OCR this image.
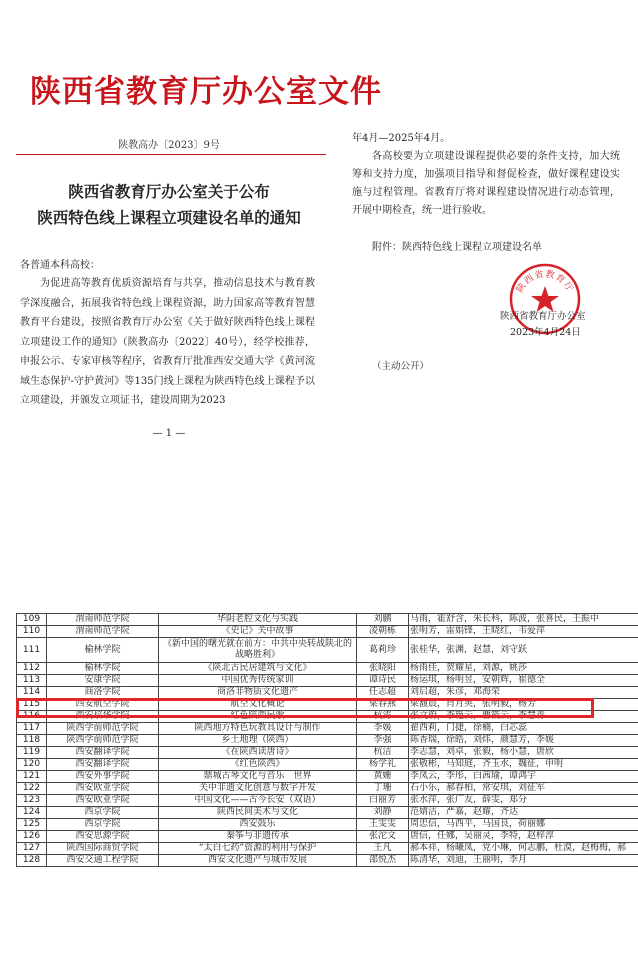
陕西省教育厅办公室文件
陕教高办〔2023〕9号
陕西省教育厅办公室关于公布
陕西特色线上课程立项建设名单的通知
各普通本科高校：
为促进高等教育优质资源培育与共享，推动信息技术与教育教学深度融合，拓展我省特色线上课程资源，助力国家高等教育智慧教育平台建设，按照省教育厅办公室《关于做好陕西特色线上课程立项建设工作的通知》（陕教高办〔2022〕40号），经学校推荐，申报公示、专家审核等程序，省教育厅批准西安交通大学《黄河流域生态保护-守护黄河》等135门线上课程为陕西特色线上课程予以立项建设，并颁发立项证书，建设周期为2023
— 1 —

年4月—2025年4月。

各高校要为立项建设课程提供必要的条件支持，加大统筹和支持力度，加强项目指导和督促检查，做好课程建设实施与过程管理。省教育厅将对课程建设情况进行动态管理，开展中期检查，统一进行验收。

附件：陕西特色线上课程立项建设名单
陕西省教育厅
陕西省教育厅办公室
2023年4月24日
（主动公开）
109	渭南师范学院	华阴老腔文化与实践	刘鹏	马雨，霍舒含，朱长科，陈波，张喜民，王振中
110	渭南师范学院	《史记》关中故事	凌朝栋	张明芳，雷娟锋，王晓红，韦爱萍
111	榆林学院	《新中国的曙光就在前方：中共中央转战陕北的战略胜利》	葛莉珍	张桂华，张渊，赵慧，刘守跃
112	榆林学院	《陕北古民居建筑与文化》	张晓阳	杨雨佳，贺耀星，刘源，姚莎
113	安康学院	中国优秀传统家训	谭诗民	杨运琪，杨明昱，安朝辉，崔德全
114	商洛学院	商洛非物质文化遗产	任志超	刘启超，朱彦，邓海荣
115	西安航空学院	航空文化概论	梁春燕	梁馥晨，肖月英，张明毅，杨芳
116	西安培华学院	红色陕西民歌	杭涛	张文蔚，李艳云，曹筱云，李慧青
117	陕西学前师范学院	陕西地方特色玩教具设计与制作	李媛	翟西莉，门捷，徐楠，白芯蕊
118	陕西学前师范学院	乡土地理（陕西）	李强	陈香瑞，徐皓，刘炜，颜慧芳，李媛
119	西安翻译学院	《在陕西读唐诗》	杭洁	李志慧，刘卓，张毅，杨小慧，唐欣
120	西安翻译学院	《红色陕西》	杨学礼	张敬彬，马知庭，齐玉水，魏征，申明
121	西安外事学院	鼎城古琴文化与音乐　世界	黄姗	李凤云，李彤，白茜瑜，谭鸿宇
122	西安欧亚学院	关中非遗文化创意与数字开发	丁珊	石小乐，郝春柏，常安琪，刘征军
123	西安欧亚学院	中国文化——古今长安（双语）	白丽芳	张水萍，张广友，薛雯，郑分
124	西京学院	陕西民间美术与文化	刘静	范婧洁，严嘉，赵耀，齐达
125	西京学院	西安鼓乐	王雯雯	周忠信，马西平，马国良，荷丽娜
126	西安思源学院	秦筝与非遗传承	张沱文	唐信，任娜，吴丽灵，李特，赵梓淳
127	陕西国际商贸学院	“太白七药”资源的利用与保护	王凡	郝本祥，杨曦凤，党小琳，何志鹏，杜漠，赵梅梅，郝
128	西安交通工程学院	西安文化遗产与城市发展	邵悦杰	陈清华，刘迪，王丽明，李月
